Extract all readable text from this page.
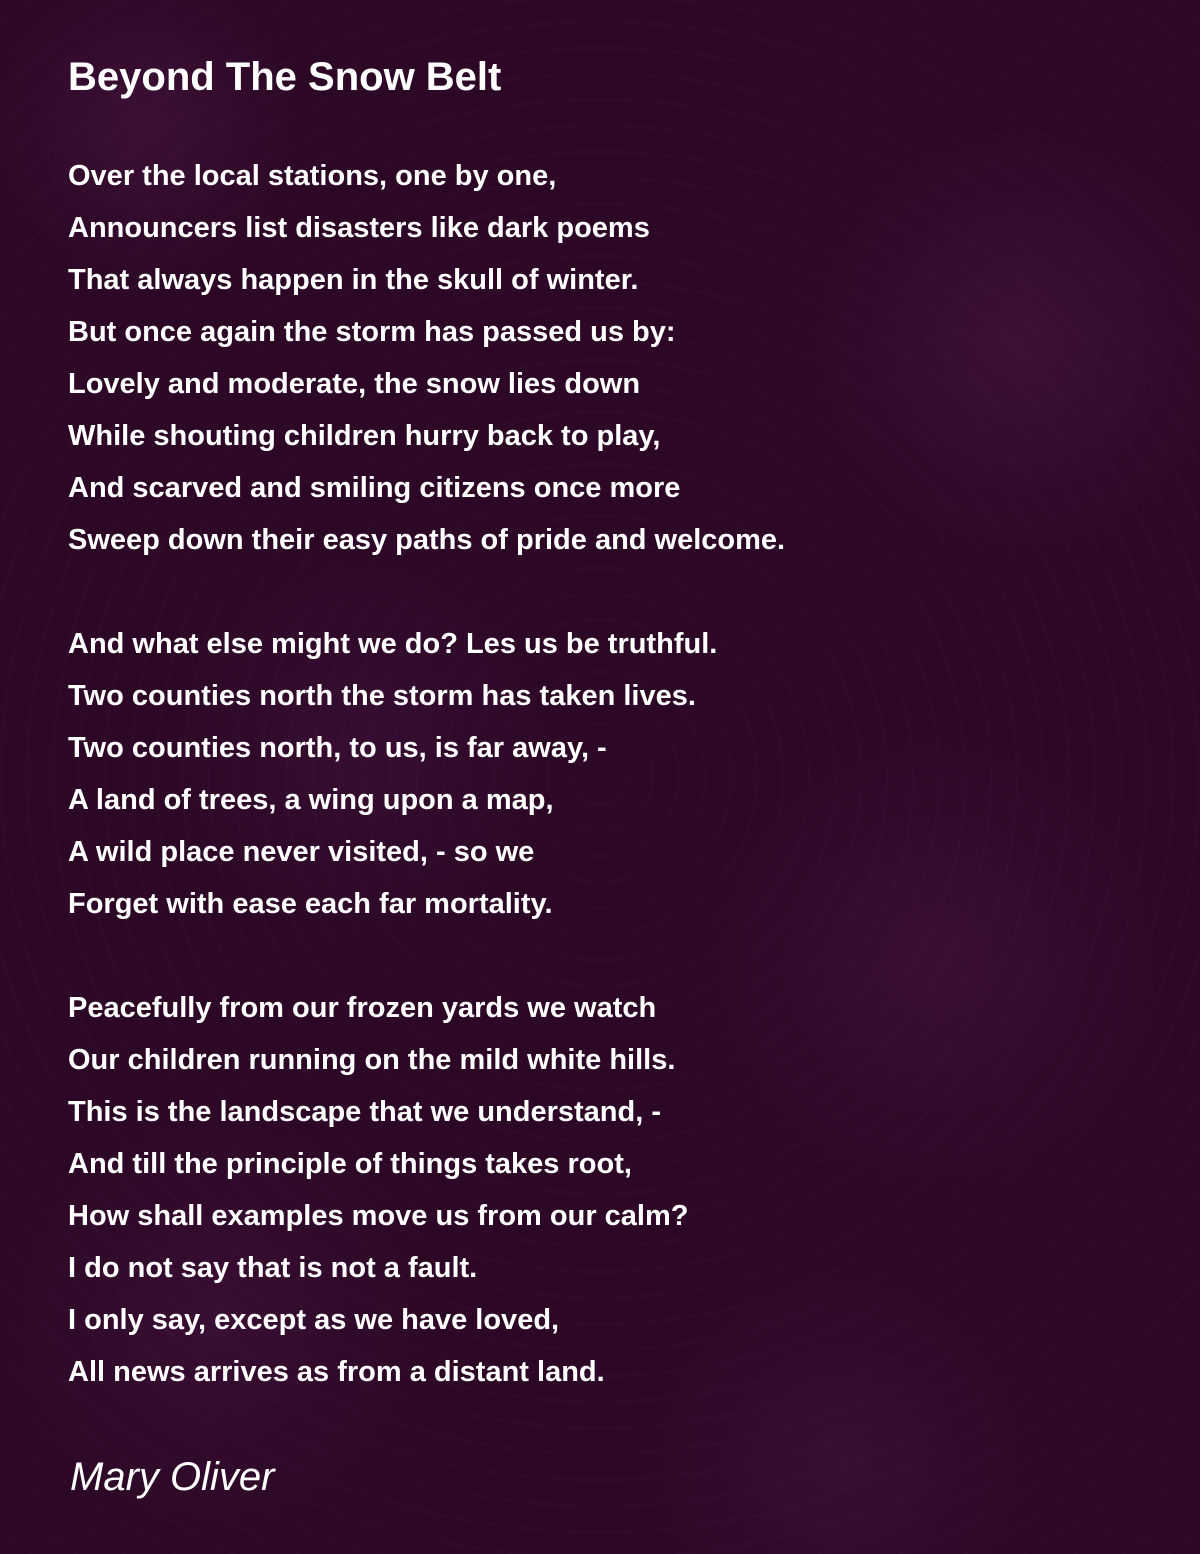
Beyond The Snow Belt

Over the local stations, one by one,
Announcers list disasters like dark poems
That always happen in the skull of winter.
But once again the storm has passed us by:
Lovely and moderate, the snow lies down
While shouting children hurry back to play,
And scarved and smiling citizens once more
Sweep down their easy paths of pride and welcome.

And what else might we do? Les us be truthful.
Two counties north the storm has taken lives.
Two counties north, to us, is far away, -
A land of trees, a wing upon a map,
A wild place never visited, - so we
Forget with ease each far mortality.

Peacefully from our frozen yards we watch
Our children running on the mild white hills.
This is the landscape that we understand, -
And till the principle of things takes root,
How shall examples move us from our calm?
I do not say that is not a fault.
I only say, except as we have loved,
All news arrives as from a distant land.

Mary Oliver
